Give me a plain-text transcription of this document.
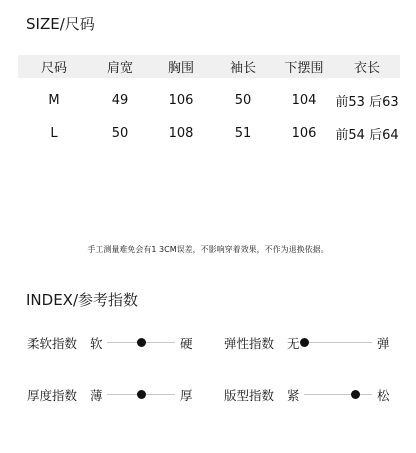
SIZE/尺码
尺码	肩宽	胸围	袖长	下摆围	衣长
M	49	106	50	104	前53 后63
L	50	108	51	106	前54 后64
手工测量难免会有1 3CM误差，不影响穿着效果，不作为退换依据。
INDEX/参考指数
柔软指数 软	硬	弹性指数 无	弹
厚度指数 薄	厚	版型指数 紧	松
